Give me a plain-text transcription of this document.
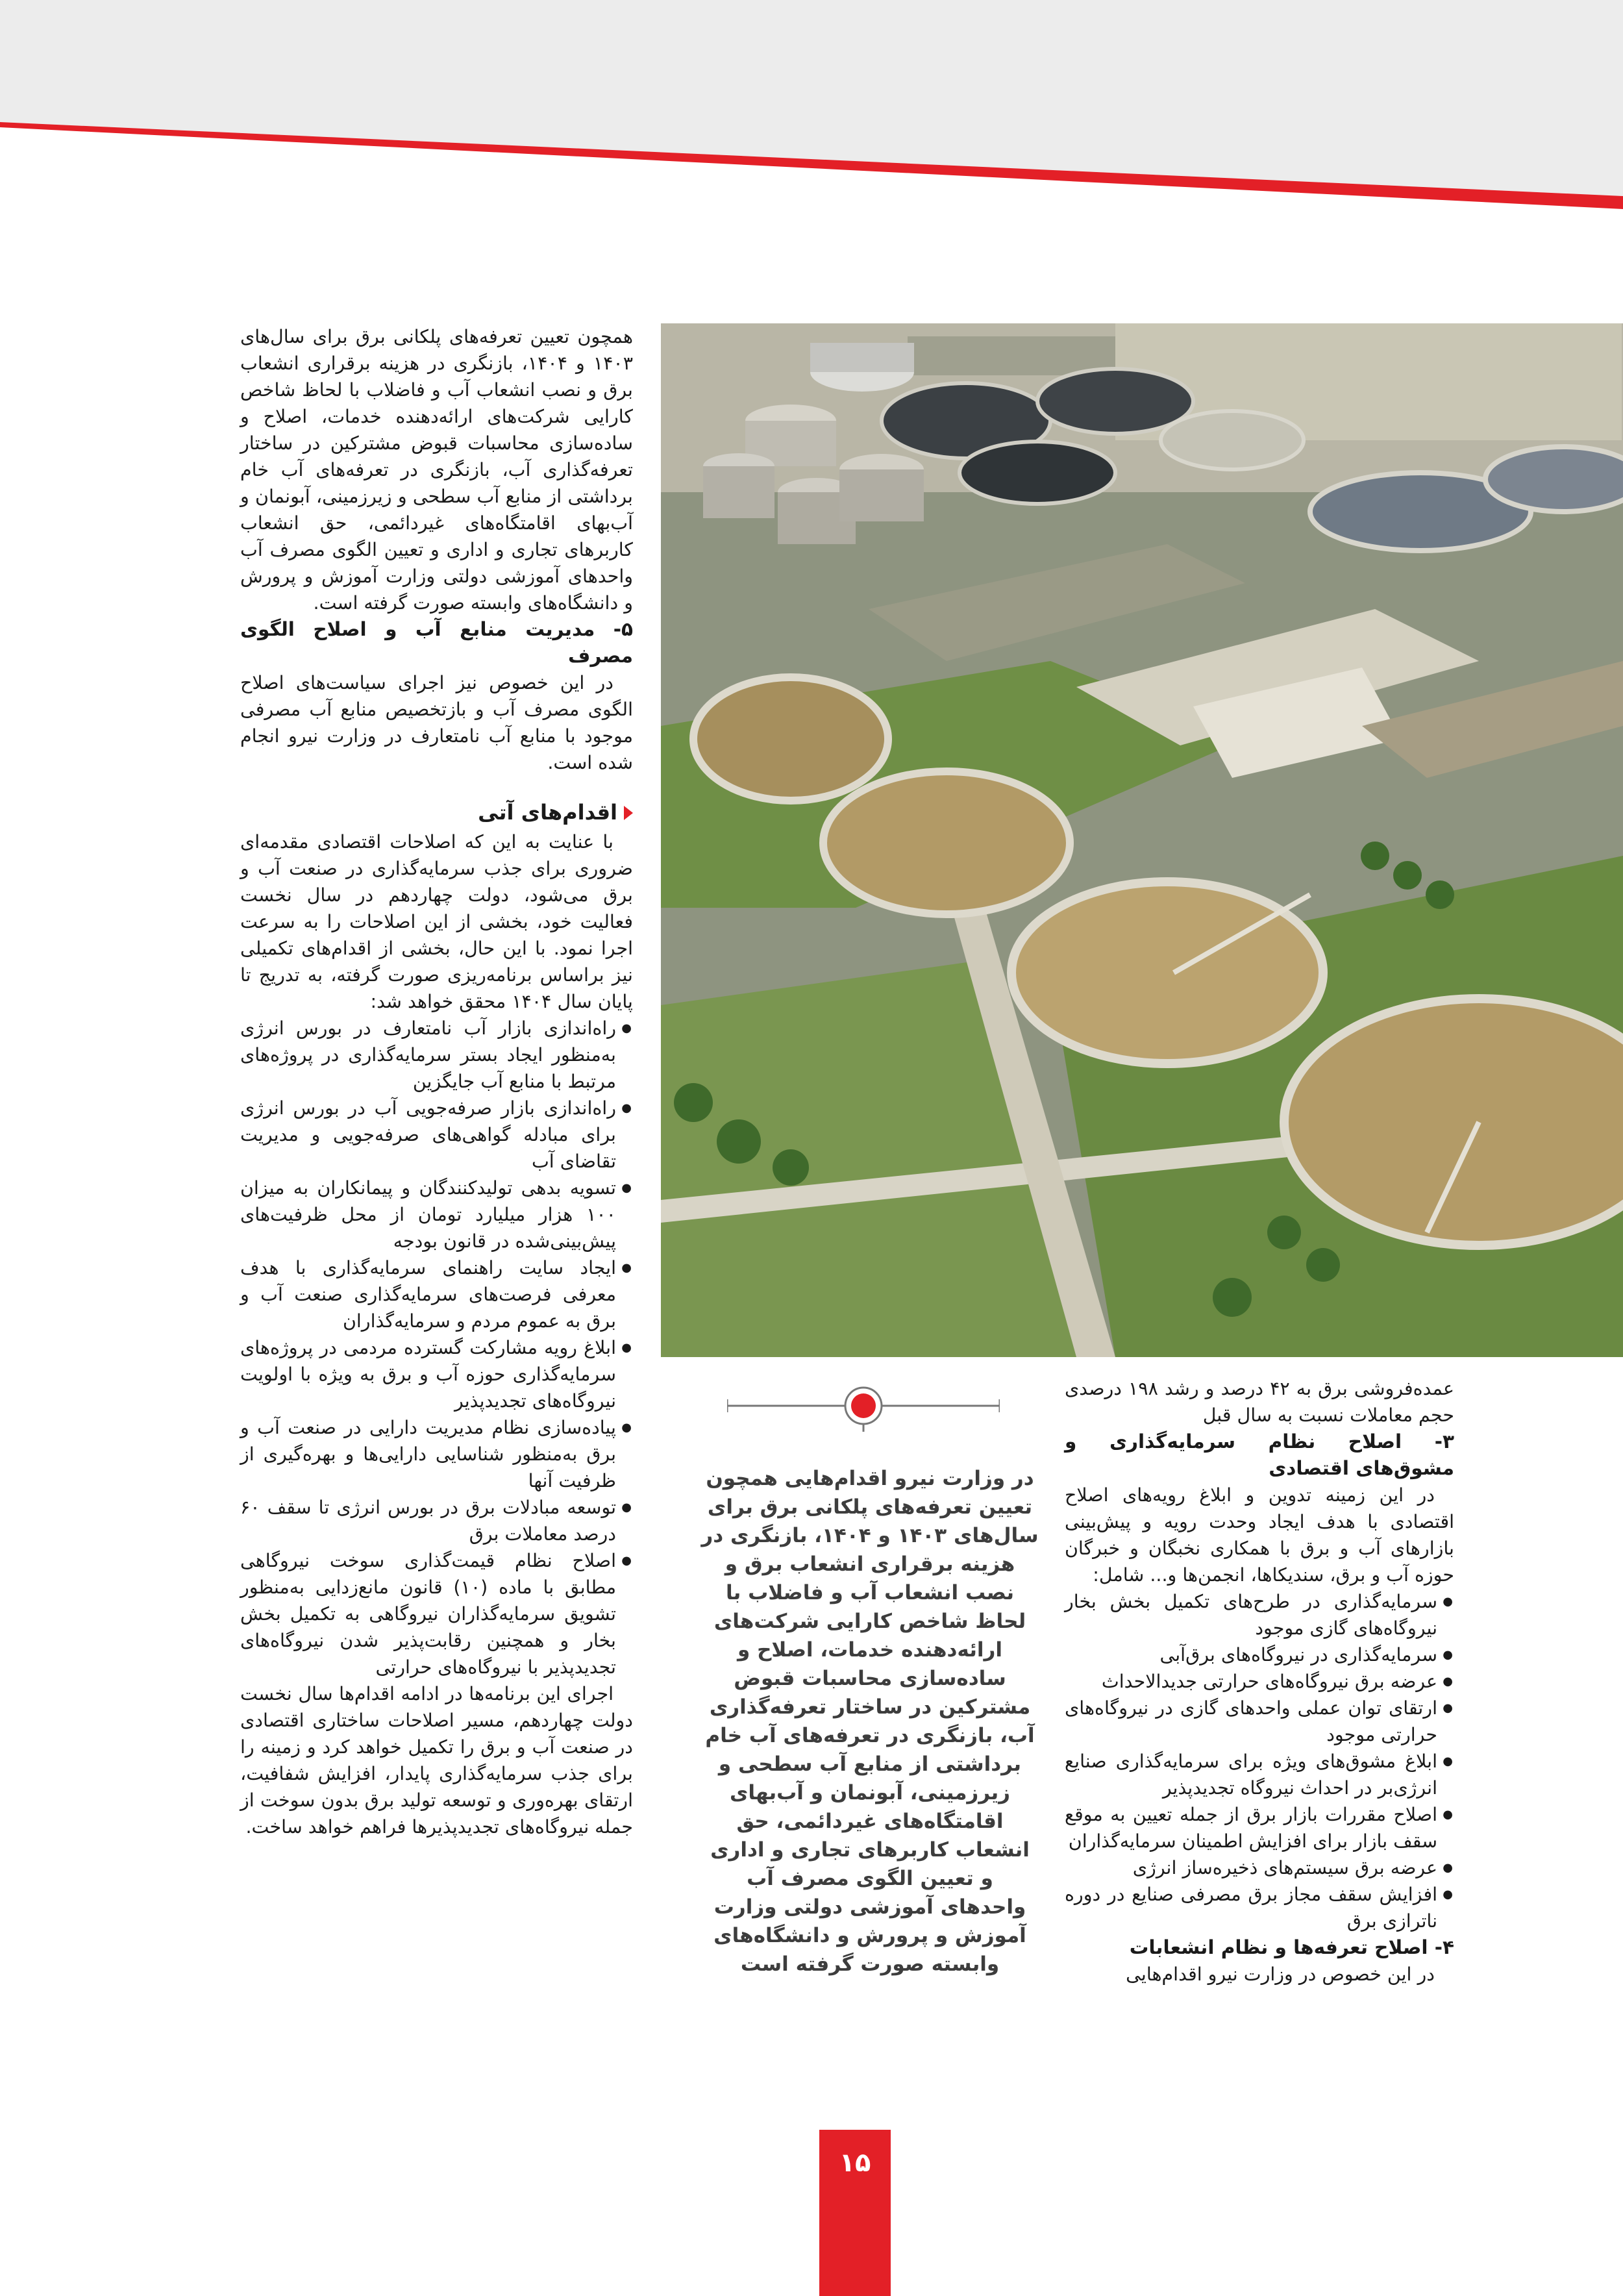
همچون تعیین تعرفه‌های پلکانی برق برای سال‌های ۱۴۰۳ و ۱۴۰۴، بازنگری در هزینه برقراری انشعاب برق و نصب انشعاب آب و فاضلاب با لحاظ شاخص کارایی شرکت‌های ارائه‌دهنده خدمات، اصلاح و ساده‌سازی محاسبات قبوض مشترکین در ساختار تعرفه‌گذاری آب، بازنگری در تعرفه‌های آب خام برداشتی از منابع آب سطحی و زیرزمینی، آبونمان و آب‌بهای اقامتگاه‌های غیردائمی، حق انشعاب کاربرهای تجاری و اداری و تعیین الگوی مصرف آب واحدهای آموزشی دولتی وزارت آموزش و پرورش و دانشگاه‌های وابسته صورت گرفته است.

۵- مدیریت منابع آب و اصلاح الگوی مصرف

در این خصوص نیز اجرای سیاست‌های اصلاح الگوی مصرف آب و بازتخصیص منابع آب مصرفی موجود با منابع آب نامتعارف در وزارت نیرو انجام شده است.

اقدام‌های آتی

با عنایت به این که اصلاحات اقتصادی مقدمه‌ای ضروری برای جذب سرمایه‌گذاری در صنعت آب و برق می‌شود، دولت چهاردهم در سال نخست فعالیت خود، بخشی از این اصلاحات را به سرعت اجرا نمود. با این حال، بخشی از اقدام‌های تکمیلی نیز براساس برنامه‌ریزی صورت گرفته، به تدریج تا پایان سال ۱۴۰۴ محقق خواهد شد:

● راه‌اندازی بازار آب نامتعارف در بورس انرژی به‌منظور ایجاد بستر سرمایه‌گذاری در پروژه‌های مرتبط با منابع آب جایگزین
● راه‌اندازی بازار صرفه‌جویی آب در بورس انرژی برای مبادله گواهی‌های صرفه‌جویی و مدیریت تقاضای آب
● تسویه بدهی تولیدکنندگان و پیمانکاران به میزان ۱۰۰ هزار میلیارد تومان از محل ظرفیت‌های پیش‌بینی‌شده در قانون بودجه
● ایجاد سایت راهنمای سرمایه‌گذاری با هدف معرفی فرصت‌های سرمایه‌گذاری صنعت آب و برق به عموم مردم و سرمایه‌گذاران
● ابلاغ رویه مشارکت گسترده مردمی در پروژه‌های سرمایه‌گذاری حوزه آب و برق به ویژه با اولویت نیروگاه‌های تجدیدپذیر
● پیاده‌سازی نظام مدیریت دارایی در صنعت آب و برق به‌منظور شناسایی دارایی‌ها و بهره‌گیری از ظرفیت آنها
● توسعه مبادلات برق در بورس انرژی تا سقف ۶۰ درصد معاملات برق
● اصلاح نظام قیمت‌گذاری سوخت نیروگاهی مطابق با ماده (۱۰) قانون مانع‌زدایی به‌منظور تشویق سرمایه‌گذاران نیروگاهی به تکمیل بخش بخار و همچنین رقابت‌پذیر شدن نیروگاه‌های تجدیدپذیر با نیروگاه‌های حرارتی

اجرای این برنامه‌ها در ادامه اقدام‌ها سال نخست دولت چهاردهم، مسیر اصلاحات ساختاری اقتصادی در صنعت آب و برق را تکمیل خواهد کرد و زمینه را برای جذب سرمایه‌گذاری پایدار، افزایش شفافیت، ارتقای بهره‌وری و توسعه تولید برق بدون سوخت از جمله نیروگاه‌های تجدیدپذیرها فراهم خواهد ساخت.

در وزارت نیرو اقدام‌هایی همچون تعیین تعرفه‌های پلکانی برق برای سال‌های ۱۴۰۳ و ۱۴۰۴، بازنگری در هزینه برقراری انشعاب برق و نصب انشعاب آب و فاضلاب با لحاظ شاخص کارایی شرکت‌های ارائه‌دهنده خدمات، اصلاح و ساده‌سازی محاسبات قبوض مشترکین در ساختار تعرفه‌گذاری آب، بازنگری در تعرفه‌های آب خام برداشتی از منابع آب سطحی و زیرزمینی، آبونمان و آب‌بهای اقامتگاه‌های غیردائمی، حق انشعاب کاربرهای تجاری و اداری و تعیین الگوی مصرف آب واحدهای آموزشی دولتی وزارت آموزش و پرورش و دانشگاه‌های وابسته صورت گرفته است

عمده‌فروشی برق به ۴۲ درصد و رشد ۱۹۸ درصدی حجم معاملات نسبت به سال قبل

۳- اصلاح نظام سرمایه‌گذاری و مشوق‌های اقتصادی

در این زمینه تدوین و ابلاغ رویه‌های اصلاح اقتصادی با هدف ایجاد وحدت رویه و پیش‌بینی بازارهای آب و برق با همکاری نخبگان و خبرگان حوزه آب و برق، سندیکاها، انجمن‌ها و... شامل:

● سرمایه‌گذاری در طرح‌های تکمیل بخش بخار نیروگاه‌های گازی موجود
● سرمایه‌گذاری در نیروگاه‌های برق‌آبی
● عرضه برق نیروگاه‌های حرارتی جدیدالاحداث
● ارتقای توان عملی واحدهای گازی در نیروگاه‌های حرارتی موجود
● ابلاغ مشوق‌های ویژه برای سرمایه‌گذاری صنایع انرژی‌بر در احداث نیروگاه تجدیدپذیر
● اصلاح مقررات بازار برق از جمله تعیین به موقع سقف بازار برای افزایش اطمینان سرمایه‌گذاران
● عرضه برق سیستم‌های ذخیره‌ساز انرژی
● افزایش سقف مجاز برق مصرفی صنایع در دوره ناترازی برق

۴- اصلاح تعرفه‌ها و نظام انشعابات

در این خصوص در وزارت نیرو اقدام‌هایی

۱۵
